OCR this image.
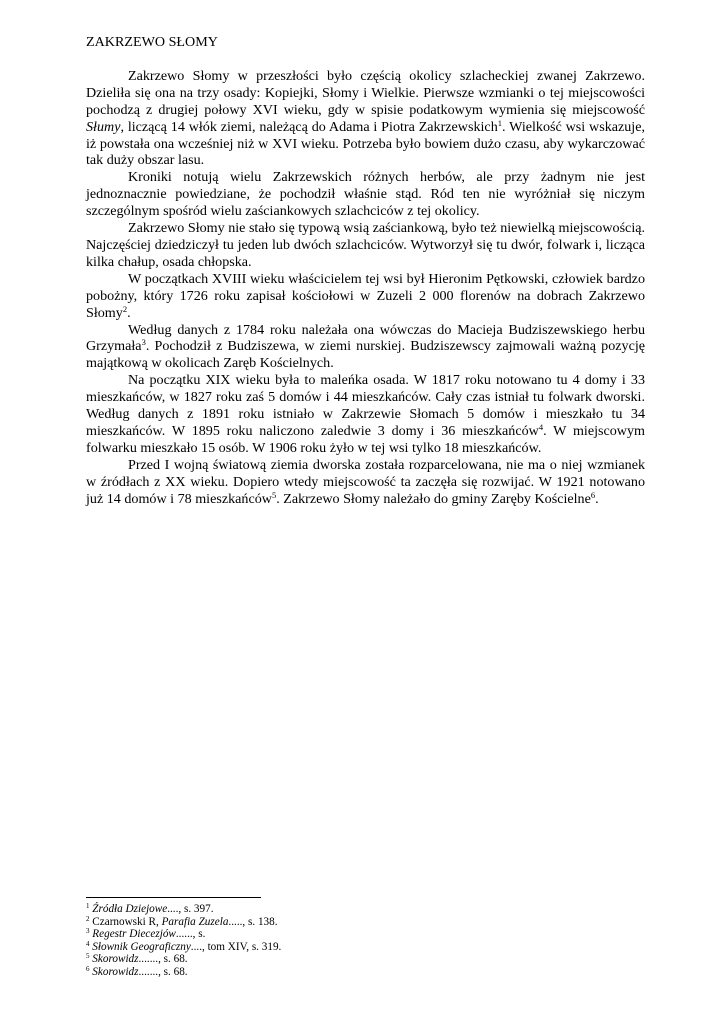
ZAKRZEWO SŁOMY

Zakrzewo Słomy w przeszłości było częścią okolicy szlacheckiej zwanej Zakrzewo. Dzieliła się ona na trzy osady: Kopiejki, Słomy i Wielkie. Pierwsze wzmianki o tej miejscowości pochodzą z drugiej połowy XVI wieku, gdy w spisie podatkowym wymienia się miejscowość Słumy, liczącą 14 włók ziemi, należącą do Adama i Piotra Zakrzewskich$^1$. Wielkość wsi wskazuje, iż powstała ona wcześniej niż w XVI wieku. Potrzeba było bowiem dużo czasu, aby wykarczować tak duży obszar lasu.

Kroniki notują wielu Zakrzewskich różnych herbów, ale przy żadnym nie jest jednoznacznie powiedziane, że pochodził właśnie stąd. Ród ten nie wyróżniał się niczym szczególnym spośród wielu zaściankowych szlachciców z tej okolicy.

Zakrzewo Słomy nie stało się typową wsią zaściankową, było też niewielką miejscowością. Najczęściej dziedziczył tu jeden lub dwóch szlachciców. Wytworzył się tu dwór, folwark i, licząca kilka chałup, osada chłopska.

W początkach XVIII wieku właścicielem tej wsi był Hieronim Pętkowski, człowiek bardzo pobożny, który 1726 roku zapisał kościołowi w Zuzeli 2 000 florenów na dobrach Zakrzewo Słomy$^2$.

Według danych z 1784 roku należała ona wówczas do Macieja Budziszewskiego herbu Grzymała$^3$. Pochodził z Budziszewa, w ziemi nurskiej. Budziszewscy zajmowali ważną pozycję majątkową w okolicach Zaręb Kościelnych.

Na początku XIX wieku była to maleńka osada. W 1817 roku notowano tu 4 domy i 33 mieszkańców, w 1827 roku zaś 5 domów i 44 mieszkańców. Cały czas istniał tu folwark dworski. Według danych z 1891 roku istniało w Zakrzewie Słomach 5 domów i mieszkało tu 34 mieszkańców. W 1895 roku naliczono zaledwie 3 domy i 36 mieszkańców$^4$. W miejscowym folwarku mieszkało 15 osób. W 1906 roku żyło w tej wsi tylko 18 mieszkańców.

Przed I wojną światową ziemia dworska została rozparcelowana, nie ma o niej wzmianek w źródłach z XX wieku. Dopiero wtedy miejscowość ta zaczęła się rozwijać. W 1921 notowano już 14 domów i 78 mieszkańców$^5$. Zakrzewo Słomy należało do gminy Zaręby Kościelne$^6$.

$^1$ Źródła Dziejowe...., s. 397.

$^2$ Czarnowski R, Parafia Zuzela....., s. 138.

$^3$ Regestr Diecezjów......, s.

$^4$ Słownik Geograficzny...., tom XIV, s. 319.

$^5$ Skorowidz......., s. 68.

$^6$ Skorowidz......., s. 68.
